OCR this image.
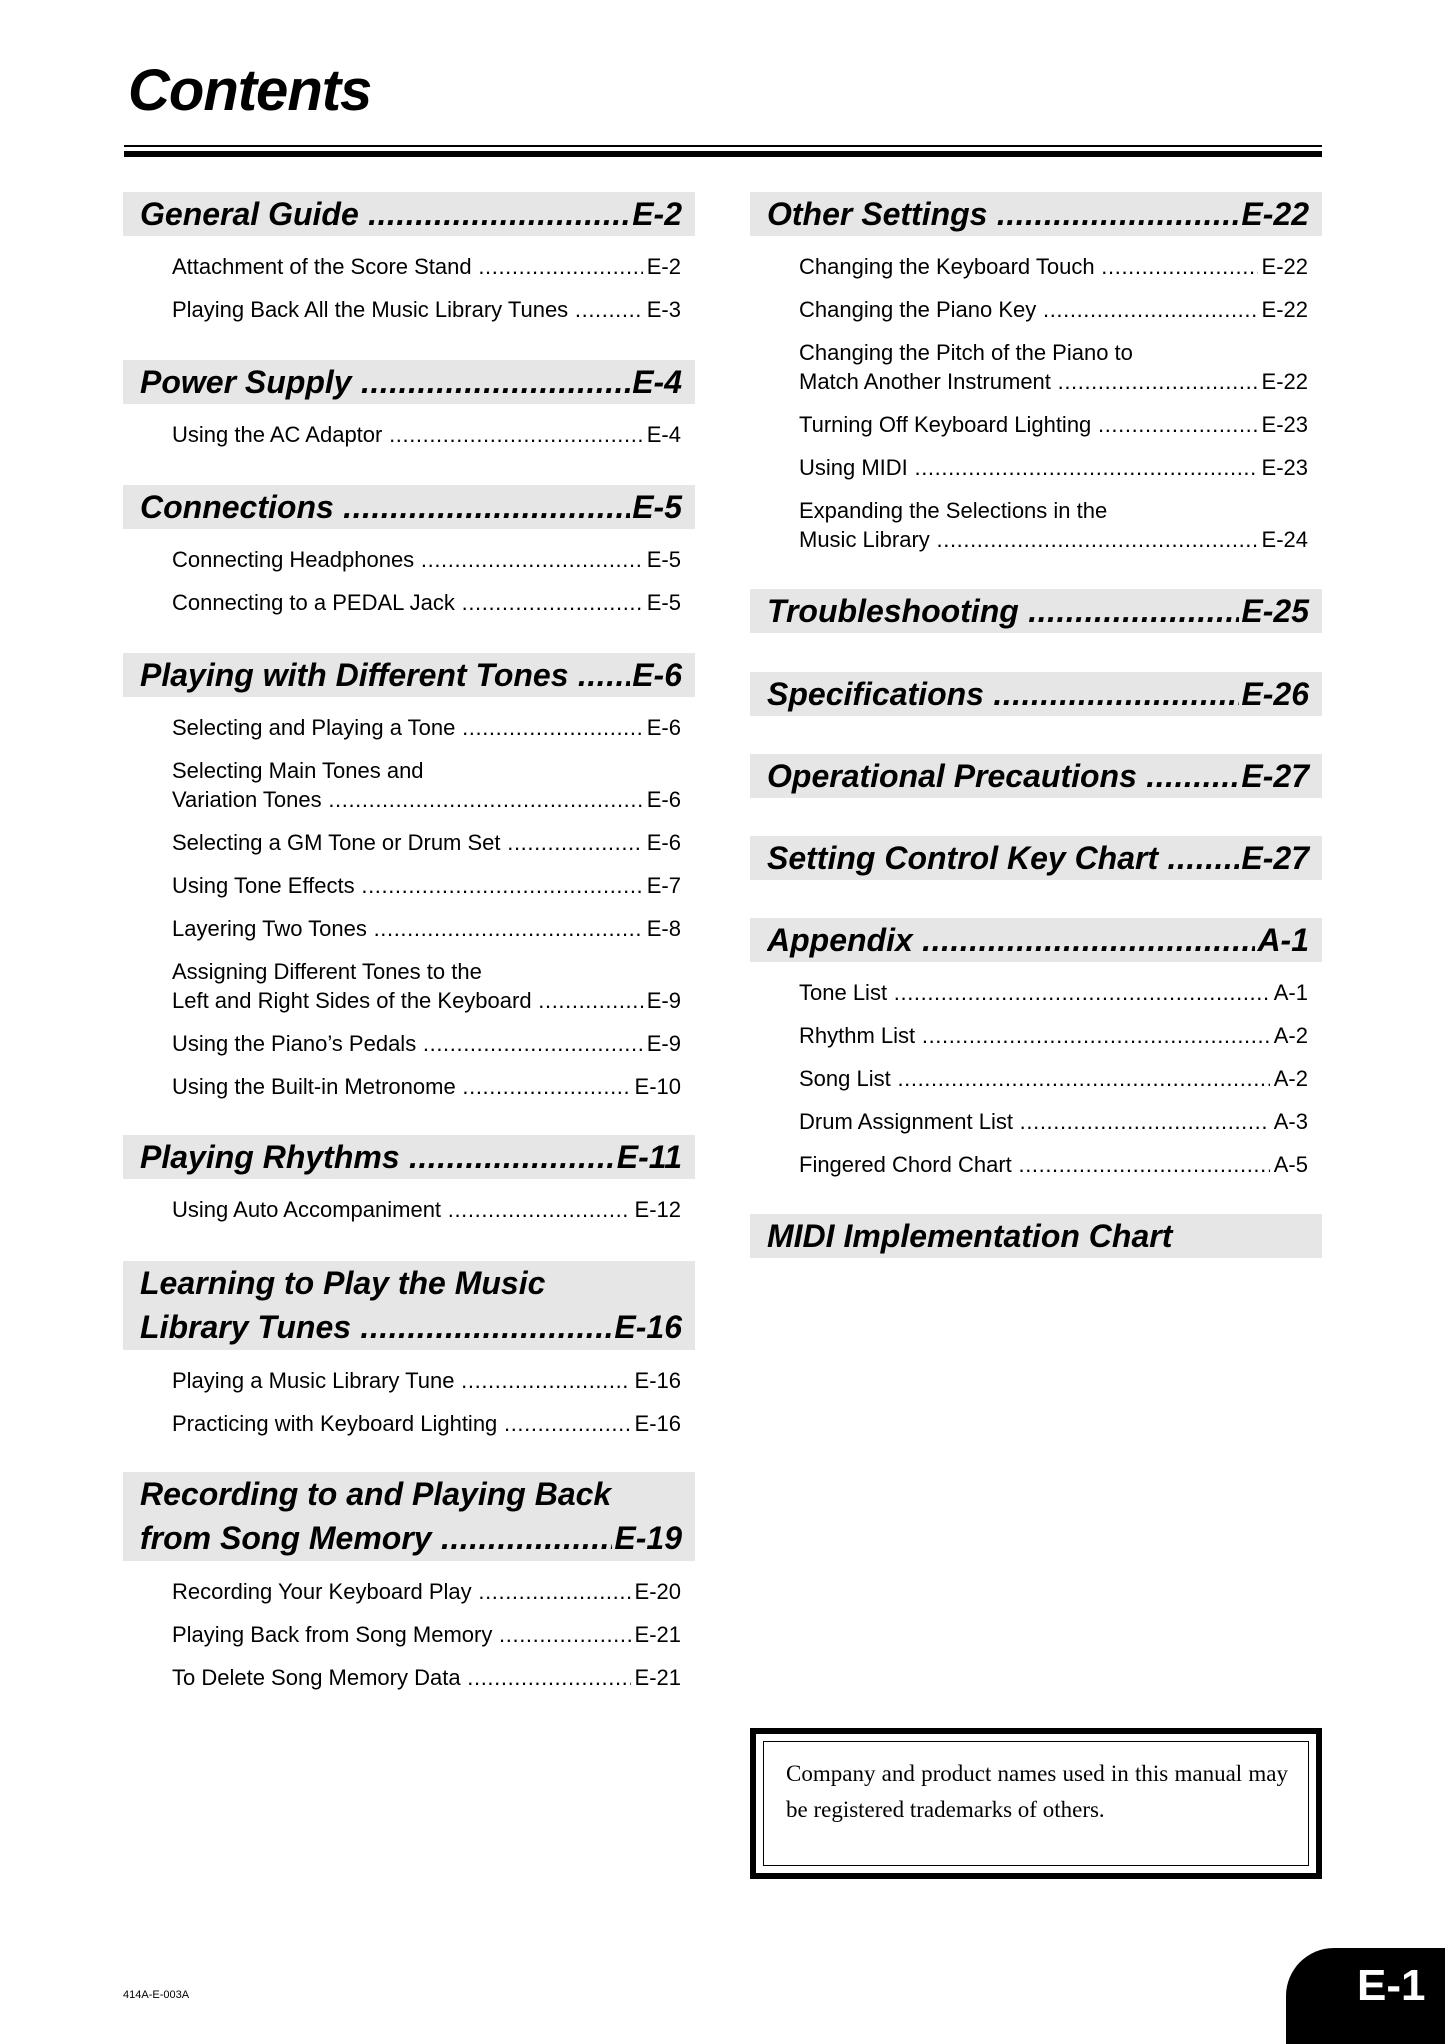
Contents
General Guide .....	E-2
Attachment of the Score Stand .....	E-2
Playing Back All the Music Library Tunes .....	E-3
Power Supply .....	E-4
Using the AC Adaptor .....	E-4
Connections .....	E-5
Connecting Headphones .....	E-5
Connecting to a PEDAL Jack .....	E-5
Playing with Different Tones .....	E-6
Selecting and Playing a Tone .....	E-6
Selecting Main Tones and
Variation Tones .....	E-6
Selecting a GM Tone or Drum Set .....	E-6
Using Tone Effects .....	E-7
Layering Two Tones .....	E-8
Assigning Different Tones to the
Left and Right Sides of the Keyboard .....	E-9
Using the Piano’s Pedals .....	E-9
Using the Built-in Metronome .....	E-10
Playing Rhythms .....	E-11
Using Auto Accompaniment .....	E-12
Learning to Play the Music
Library Tunes .....	E-16
Playing a Music Library Tune .....	E-16
Practicing with Keyboard Lighting .....	E-16
Recording to and Playing Back
from Song Memory .....	E-19
Recording Your Keyboard Play .....	E-20
Playing Back from Song Memory .....	E-21
To Delete Song Memory Data .....	E-21
Other Settings .....	E-22
Changing the Keyboard Touch .....	E-22
Changing the Piano Key .....	E-22
Changing the Pitch of the Piano to
Match Another Instrument .....	E-22
Turning Off Keyboard Lighting .....	E-23
Using MIDI .....	E-23
Expanding the Selections in the
Music Library .....	E-24
Troubleshooting .....	E-25
Specifications .....	E-26
Operational Precautions .....	E-27
Setting Control Key Chart .....	E-27
Appendix .....	A-1
Tone List .....	A-1
Rhythm List .....	A-2
Song List .....	A-2
Drum Assignment List .....	A-3
Fingered Chord Chart .....	A-5
MIDI Implementation Chart
Company and product names used in this manual may be registered trademarks of others.
414A-E-003A	E-1
